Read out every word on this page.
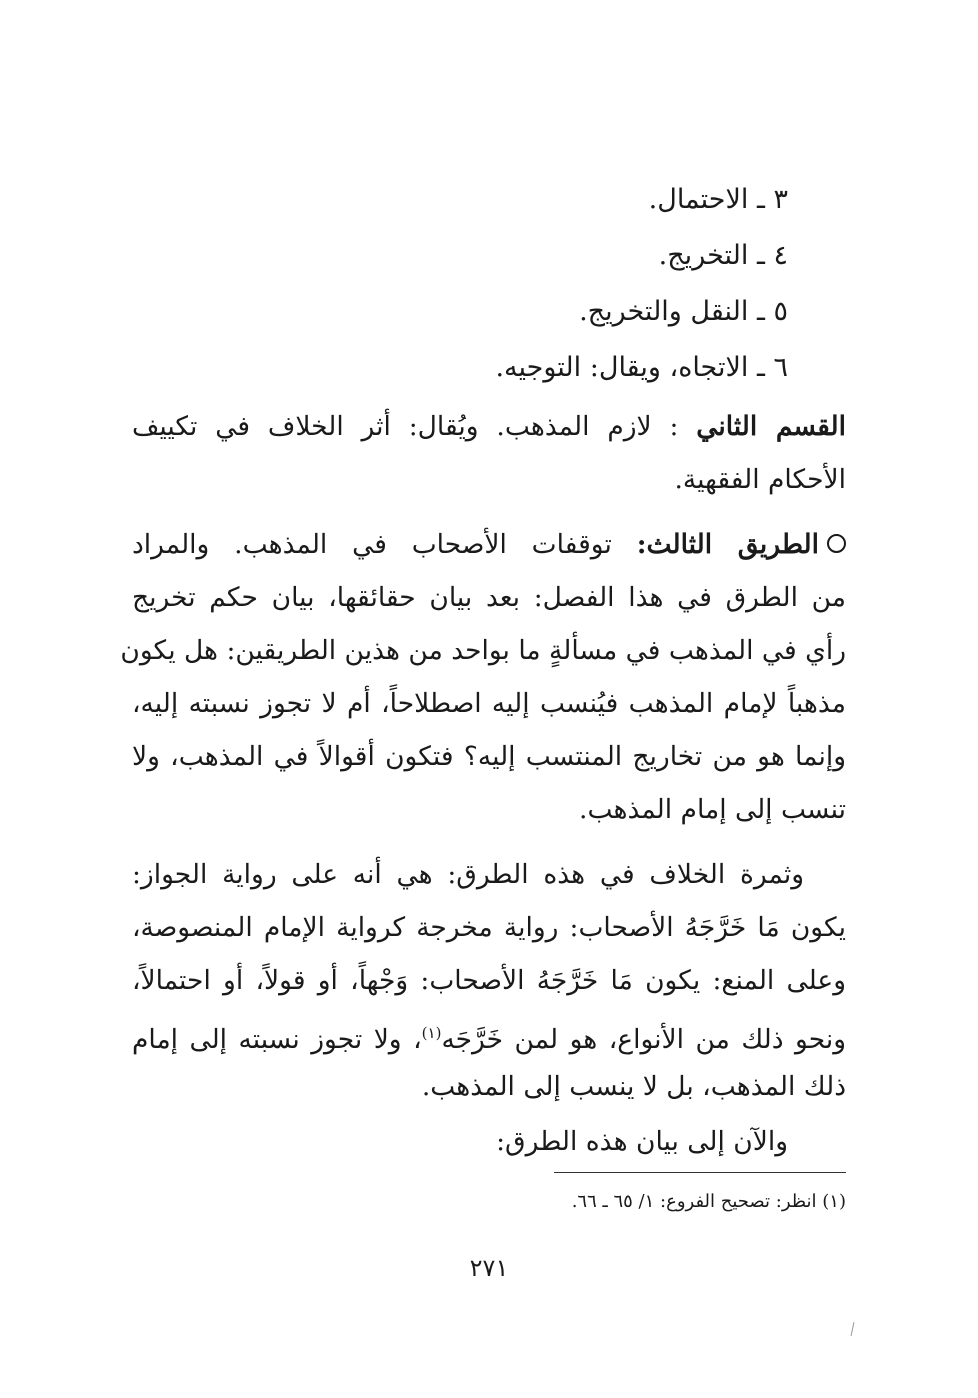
٣ ـ الاحتمال.
٤ ـ التخريج.
٥ ـ النقل والتخريج.
٦ ـ الاتجاه، ويقال: التوجيه.
القسم الثاني : لازم المذهب. ويُقال: أثر الخلاف في تكييف
الأحكام الفقهية.
الطريق الثالث: توقفات الأصحاب في المذهب. والمراد
من الطرق في هذا الفصل: بعد بيان حقائقها، بيان حكم تخريج
رأي في المذهب في مسألةٍ ما بواحد من هذين الطريقين: هل يكون
مذهباً لإمام المذهب فيُنسب إليه اصطلاحاً، أم لا تجوز نسبته إليه،
وإنما هو من تخاريج المنتسب إليه؟ فتكون أقوالاً في المذهب، ولا
تنسب إلى إمام المذهب.
وثمرة الخلاف في هذه الطرق: هي أنه على رواية الجواز:
يكون مَا خَرَّجَهُ الأصحاب: رواية مخرجة كرواية الإمام المنصوصة،
وعلى المنع: يكون مَا خَرَّجَهُ الأصحاب: وَجْهاً، أو قولاً، أو احتمالاً،
ونحو ذلك من الأنواع، هو لمن خَرَّجَه$^{(١)}$، ولا تجوز نسبته إلى إمام
ذلك المذهب، بل لا ينسب إلى المذهب.
والآن إلى بيان هذه الطرق:
(١) انظر: تصحيح الفروع: ١/ ٦٥ ـ ٦٦.
٢٧١
